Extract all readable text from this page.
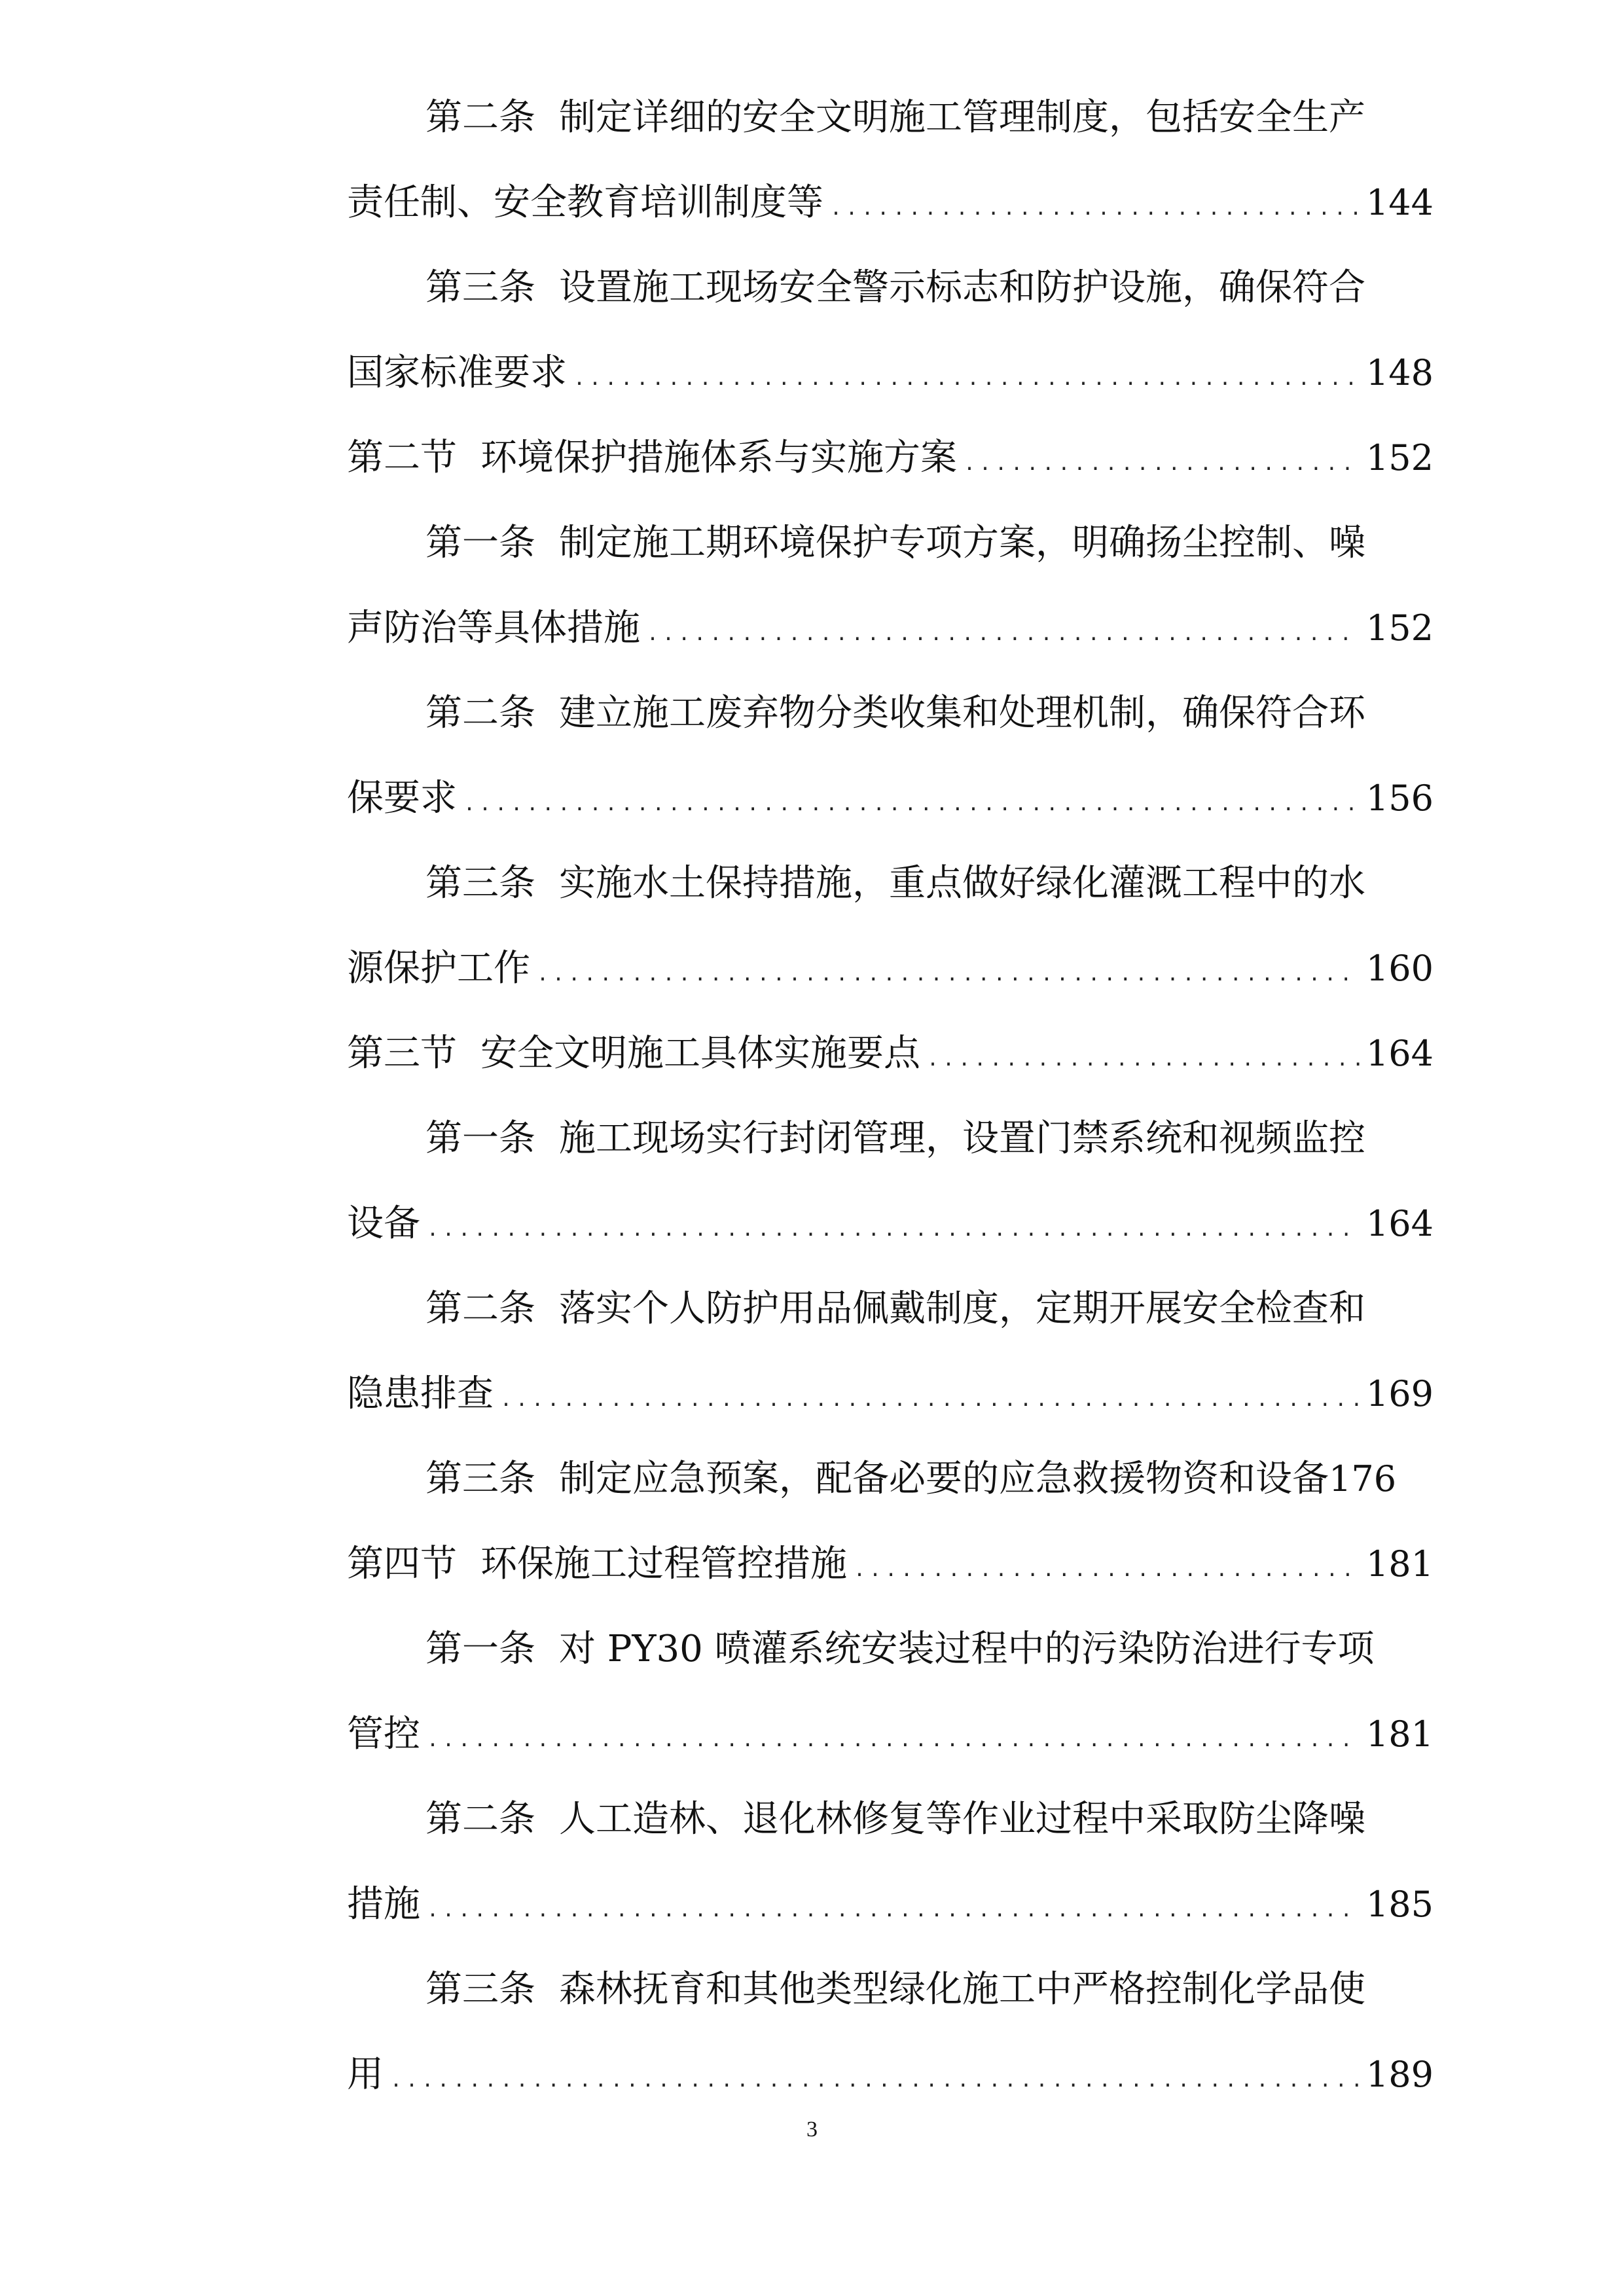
第二条 制定详细的安全文明施工管理制度，包括安全生产
责任制、安全教育培训制度等 .....	144
第三条 设置施工现场安全警示标志和防护设施，确保符合
国家标准要求 .....	148
第二节 环境保护措施体系与实施方案 .....	152
第一条 制定施工期环境保护专项方案，明确扬尘控制、噪
声防治等具体措施 .....	152
第二条 建立施工废弃物分类收集和处理机制，确保符合环
保要求 .....	156
第三条 实施水土保持措施，重点做好绿化灌溉工程中的水
源保护工作 .....	160
第三节 安全文明施工具体实施要点 .....	164
第一条 施工现场实行封闭管理，设置门禁系统和视频监控
设备 .....	164
第二条 落实个人防护用品佩戴制度，定期开展安全检查和
隐患排查 .....	169
第三条 制定应急预案，配备必要的应急救援物资和设备 176
第四节 环保施工过程管控措施 .....	181
第一条 对 PY30 喷灌系统安装过程中的污染防治进行专项
管控 .....	181
第二条 人工造林、退化林修复等作业过程中采取防尘降噪
措施 .....	185
第三条 森林抚育和其他类型绿化施工中严格控制化学品使
用 .....	189
3
